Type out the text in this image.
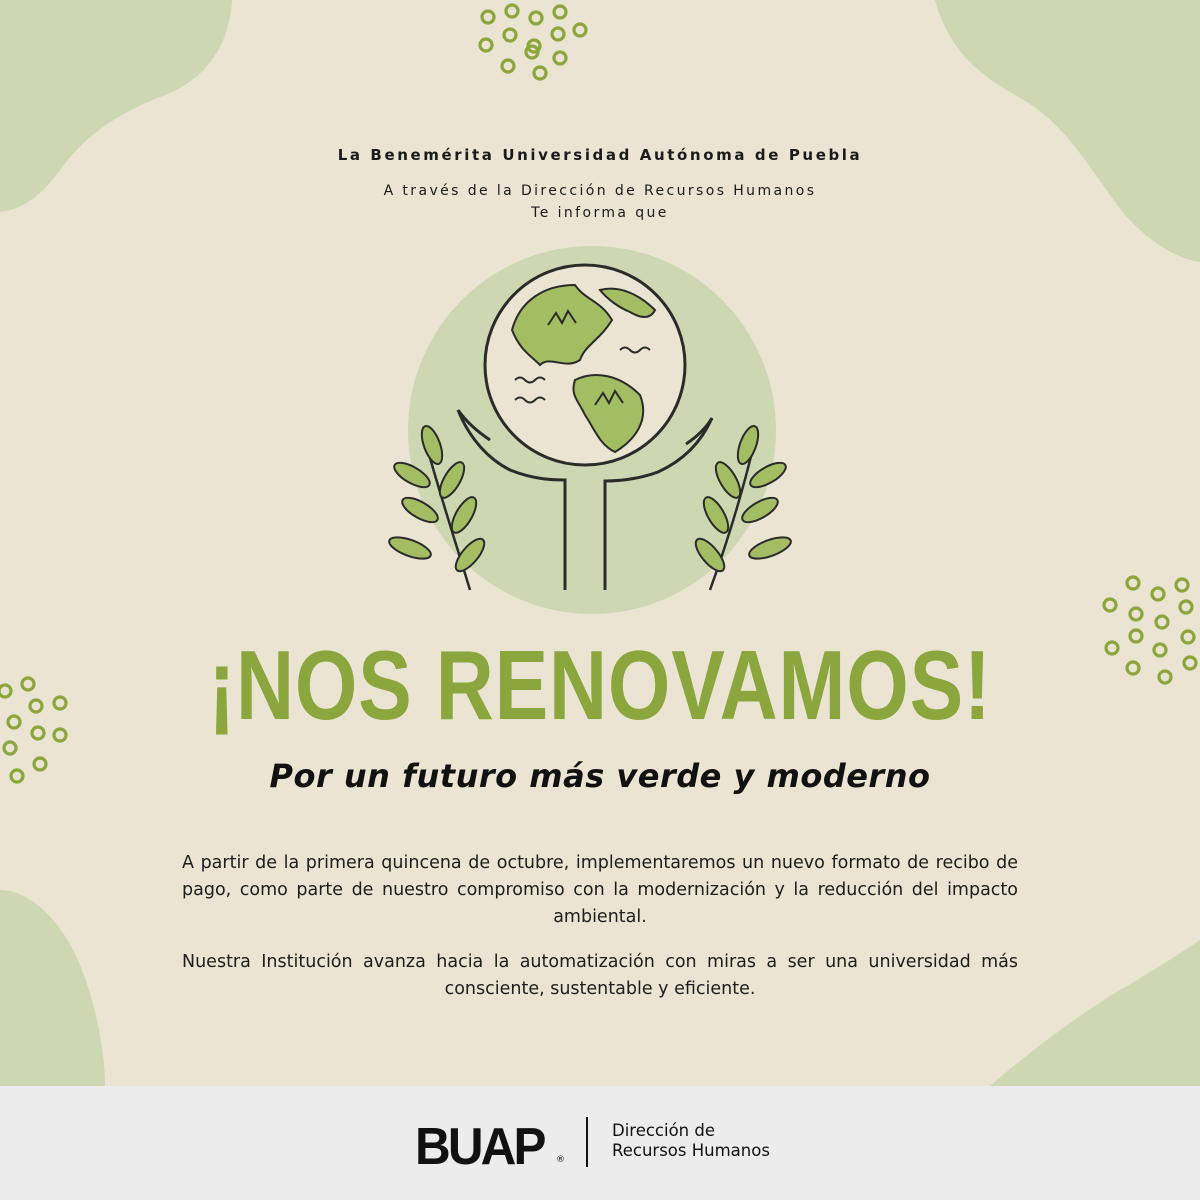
La Benemérita Universidad Autónoma de Puebla
A través de la Dirección de Recursos Humanos
Te informa que
¡NOS RENOVAMOS!
Por un futuro más verde y moderno

A partir de la primera quincena de octubre, implementaremos un nuevo formato de recibo de pago, como parte de nuestro compromiso con la modernización y la reducción del impacto ambiental.

Nuestra Institución avanza hacia la automatización con miras a ser una universidad más consciente, sustentable y eficiente.

BUAP ®
Dirección de
Recursos Humanos
